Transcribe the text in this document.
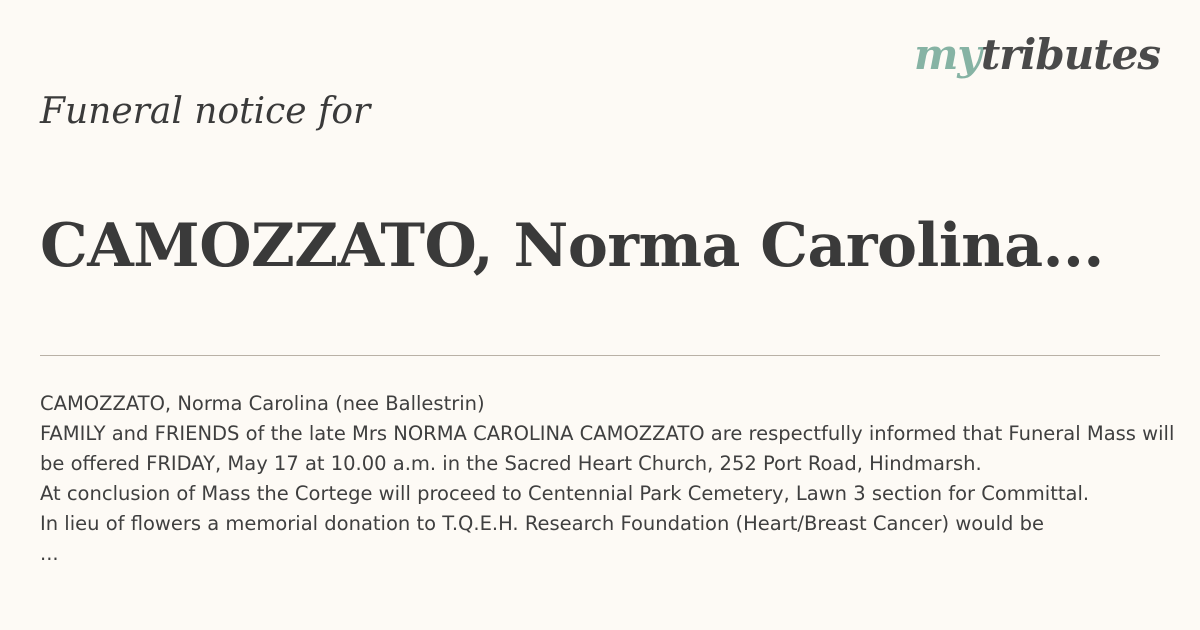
mytributes
Funeral notice for
CAMOZZATO, Norma Carolina...
CAMOZZATO, Norma Carolina (nee Ballestrin)
FAMILY and FRIENDS of the late Mrs NORMA CAROLINA CAMOZZATO are respectfully informed that Funeral Mass will
be offered FRIDAY, May 17 at 10.00 a.m. in the Sacred Heart Church, 252 Port Road, Hindmarsh.
At conclusion of Mass the Cortege will proceed to Centennial Park Cemetery, Lawn 3 section for Committal.
In lieu of flowers a memorial donation to T.Q.E.H. Research Foundation (Heart/Breast Cancer) would be
...
